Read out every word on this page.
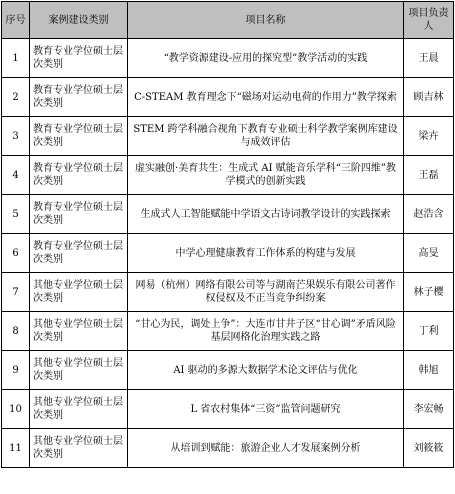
序号	案例建设类别	项目名称	项目负责人
1	教育专业学位硕士层次类别	“教学资源建设-应用的探究型”教学活动的实践	王晨
2	教育专业学位硕士层次类别	C-STEAM 教育理念下“磁场对运动电荷的作用力”教学探索	顾吉林
3	教育专业学位硕士层次类别	STEM 跨学科融合视角下教育专业硕士科学教学案例库建设与成效评估	梁卉
4	教育专业学位硕士层次类别	虚实融创·美育共生：生成式 AI 赋能音乐学科“三阶四维”教学模式的创新实践	王磊
5	教育专业学位硕士层次类别	生成式人工智能赋能中学语文古诗词教学设计的实践探索	赵浩含
6	教育专业学位硕士层次类别	中学心理健康教育工作体系的构建与发展	高旻
7	其他专业学位硕士层次类别	网易（杭州）网络有限公司等与湖南芒果娱乐有限公司著作权侵权及不正当竞争纠纷案	林子樱
8	其他专业学位硕士层次类别	“甘心为民，调处上争”：大连市甘井子区“甘心调”矛盾风险基层网格化治理实践之路	丁利
9	其他专业学位硕士层次类别	AI 驱动的多源大数据学术论文评估与优化	韩旭
10	其他专业学位硕士层次类别	L 省农村集体“三资”监管问题研究	李宏畅
11	其他专业学位硕士层次类别	从培训到赋能：旅游企业人才发展案例分析	刘筱筱
